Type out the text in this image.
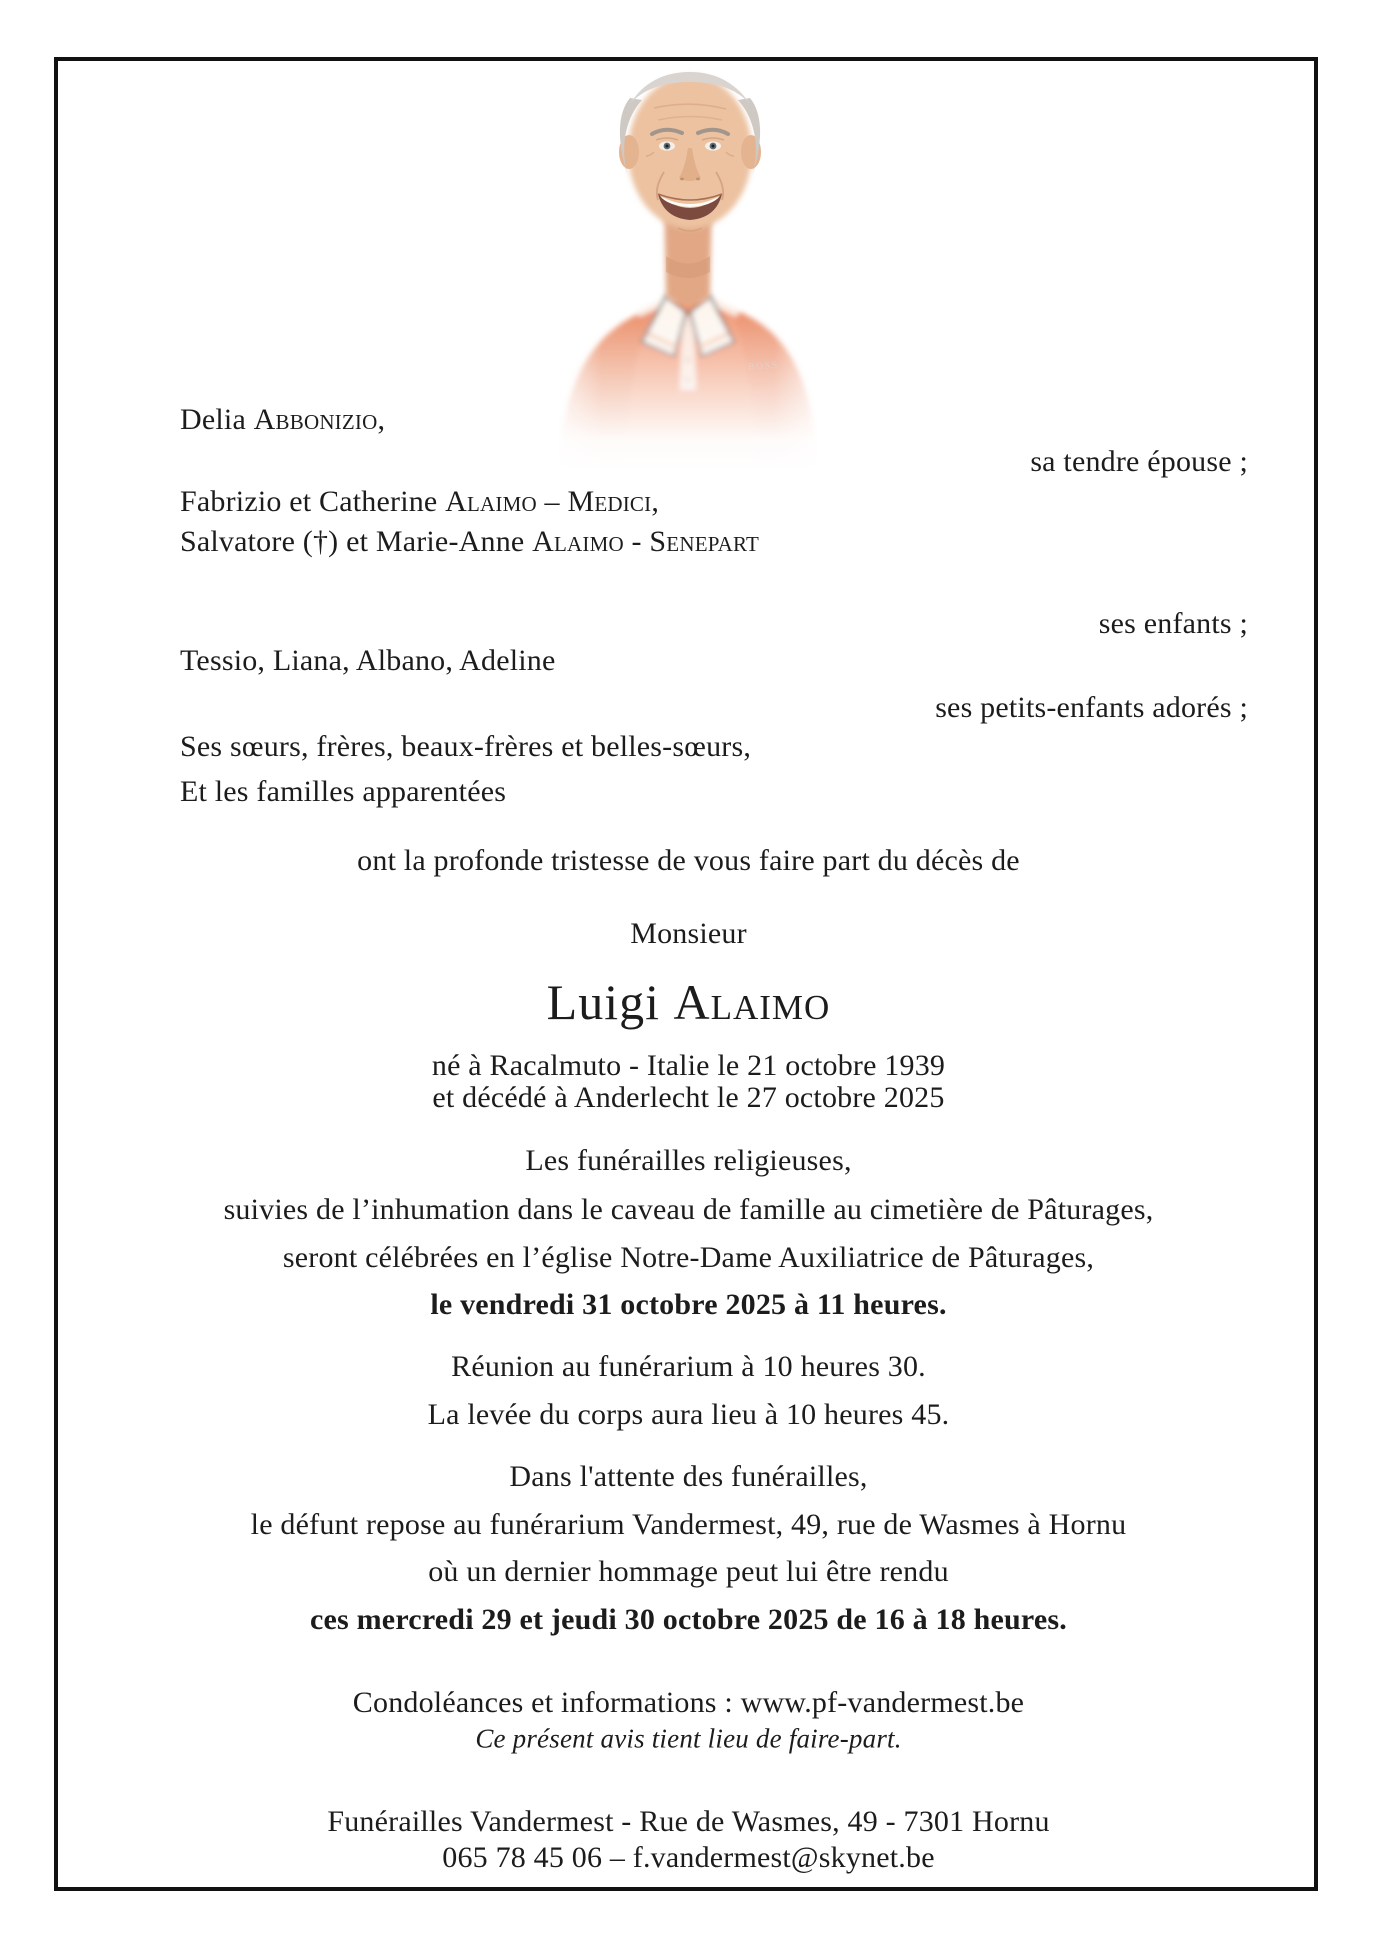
Delia Abbonizio,
sa tendre épouse ;
Fabrizio et Catherine Alaimo – Medici,
Salvatore (†) et Marie-Anne Alaimo - Senepart
ses enfants ;
Tessio, Liana, Albano, Adeline
ses petits-enfants adorés ;
Ses sœurs, frères, beaux-frères et belles-sœurs,
Et les familles apparentées
ont la profonde tristesse de vous faire part du décès de
Monsieur
Luigi Alaimo
né à Racalmuto - Italie le 21 octobre 1939
et décédé à Anderlecht le 27 octobre 2025
Les funérailles religieuses,
suivies de l’inhumation dans le caveau de famille au cimetière de Pâturages,
seront célébrées en l’église Notre-Dame Auxiliatrice de Pâturages,
le vendredi 31 octobre 2025 à 11 heures.
Réunion au funérarium à 10 heures 30.
La levée du corps aura lieu à 10 heures 45.
Dans l'attente des funérailles,
le défunt repose au funérarium Vandermest, 49, rue de Wasmes à Hornu
où un dernier hommage peut lui être rendu
ces mercredi 29 et jeudi 30 octobre 2025 de 16 à 18 heures.
Condoléances et informations : www.pf-vandermest.be
Ce présent avis tient lieu de faire-part.
Funérailles Vandermest - Rue de Wasmes, 49 - 7301 Hornu
065 78 45 06 – f.vandermest@skynet.be
